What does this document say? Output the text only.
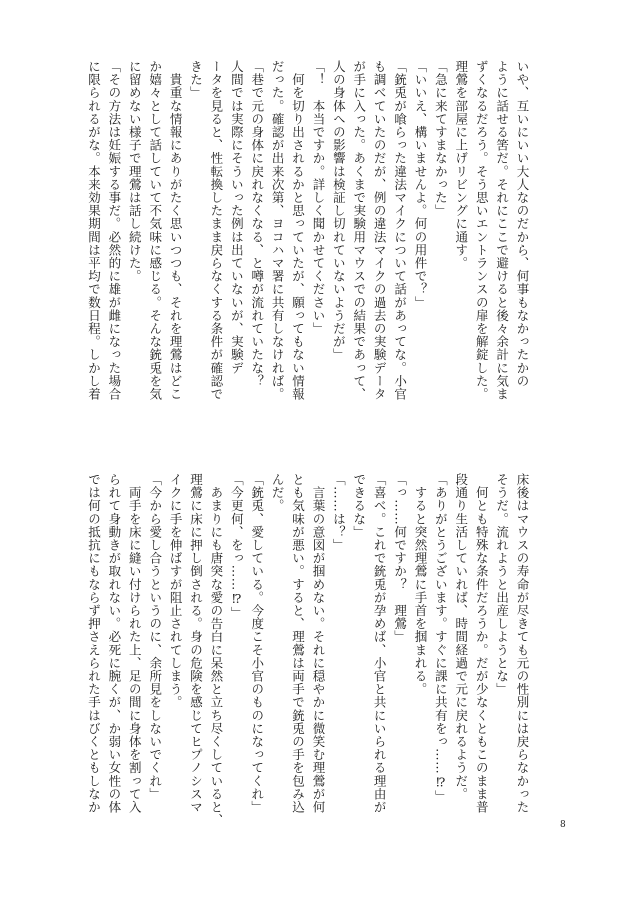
いや、互いにいい大人なのだから、何事もなかったかの

ように話せる筈だ。それにここで避けると後々余計に気ま

ずくなるだろう。そう思いエントランスの扉を解錠した。

理鶯を部屋に上げリビングに通す。

「急に来てすまなかった」

「いいえ、構いませんよ。何の用件で？」

「銃兎が喰らった違法マイクについて話があってな。小官

も調べていたのだが、例の違法マイクの過去の実験データ

が手に入った。あくまで実験用マウスでの結果であって、

人の身体への影響は検証し切れていないようだが」

「！　本当ですか。詳しく聞かせてください」

　何を切り出されるかと思っていたが、願ってもない情報

だった。確認が出来次第、ヨコハマ署に共有しなければ。

「巷で元の身体に戻れなくなる、と噂が流れていたな？

人間では実際にそういった例は出ていないが、実験デ

ータを見ると、性転換したまま戻らなくする条件が確認で

きた」

　貴重な情報にありがたく思いつつも、それを理鶯はどこ

か嬉々として話していて不気味に感じる。そんな銃兎を気

に留めない様子で理鶯は話し続けた。

「その方法は妊娠する事だ。必然的に雄が雌になった場合

に限られるがな。本来効果期間は平均で数日程。しかし着

床後はマウスの寿命が尽きても元の性別には戻らなかった

そうだ。流れようと出産しようとな」

　何とも特殊な条件だろうか。だが少なくともこのまま普

段通り生活していれば、時間経過で元に戻れるようだ。

「ありがとうございます。すぐに課に共有をっ……⁉」

　すると突然理鶯に手首を掴まれる。

「っ……何ですか？　理鶯」

「喜べ。これで銃兎が孕めば、小官と共にいられる理由が

できるな」

「……は？」

　言葉の意図が掴めない。それに穏やかに微笑む理鶯が何

とも気味が悪い。すると、理鶯は両手で銃兎の手を包み込

んだ。

「銃兎、愛している。今度こそ小官のものになってくれ」

「今更何、をっ……⁉」

　あまりにも唐突な愛の告白に呆然と立ち尽くしていると、

理鶯に床に押し倒される。身の危険を感じてヒプノシスマ

イクに手を伸ばすが阻止されてしまう。

「今から愛し合うというのに、余所見をしないでくれ」

　両手を床に縫い付けられた上、足の間に身体を割って入

られて身動きが取れない。必死に腕くが、か弱い女性の体

では何の抵抗にもならず押さえられた手はびくともしなか

8
